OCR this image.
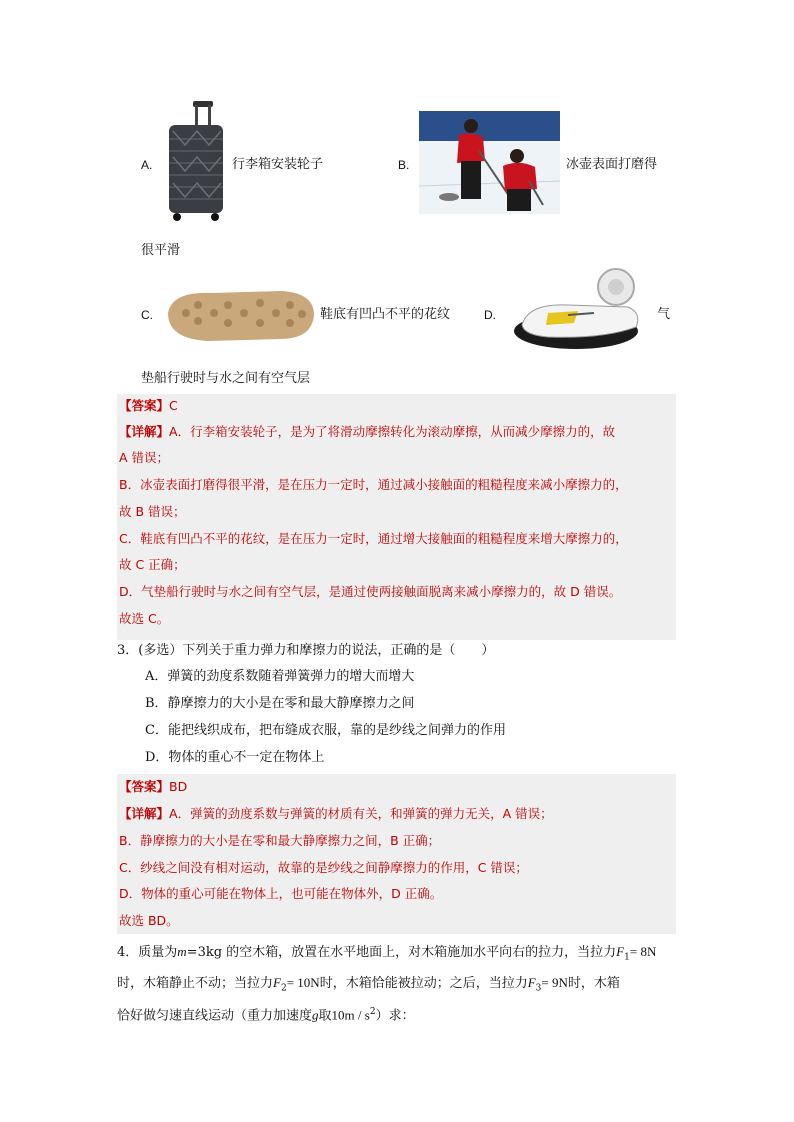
A.	行李箱安装轮子	B.	冰壶表面打磨得
很平滑
C.	鞋底有凹凸不平的花纹	D.	气
垫船行驶时与水之间有空气层
【答案】C
【详解】A．行李箱安装轮子，是为了将滑动摩擦转化为滚动摩擦，从而减少摩擦力的，故
A 错误；
B．冰壶表面打磨得很平滑，是在压力一定时，通过减小接触面的粗糙程度来减小摩擦力的，
故 B 错误；
C．鞋底有凹凸不平的花纹，是在压力一定时，通过增大接触面的粗糙程度来增大摩擦力的，
故 C 正确；
D．气垫船行驶时与水之间有空气层，是通过使两接触面脱离来减小摩擦力的，故 D 错误。
故选 C。
3．(多选）下列关于重力弹力和摩擦力的说法，正确的是（　　）
A．弹簧的劲度系数随着弹簧弹力的增大而增大
B．静摩擦力的大小是在零和最大静摩擦力之间
C．能把线织成布，把布缝成衣服，靠的是纱线之间弹力的作用
D．物体的重心不一定在物体上
【答案】BD
【详解】A．弹簧的劲度系数与弹簧的材质有关，和弹簧的弹力无关，A 错误；
B．静摩擦力的大小是在零和最大静摩擦力之间，B 正确；
C．纱线之间没有相对运动，故靠的是纱线之间静摩擦力的作用，C 错误；
D．物体的重心可能在物体上，也可能在物体外，D 正确。
故选 BD。
4．质量为m=3kg 的空木箱，放置在水平地面上，对木箱施加水平向右的拉力，当拉力$F_1= 8N$
时，木箱静止不动；当拉力$F_2= 10N$时，木箱恰能被拉动；之后，当拉力$F_3= 9N$时，木箱
恰好做匀速直线运动（重力加速度g取$10m / s^2$）求：
